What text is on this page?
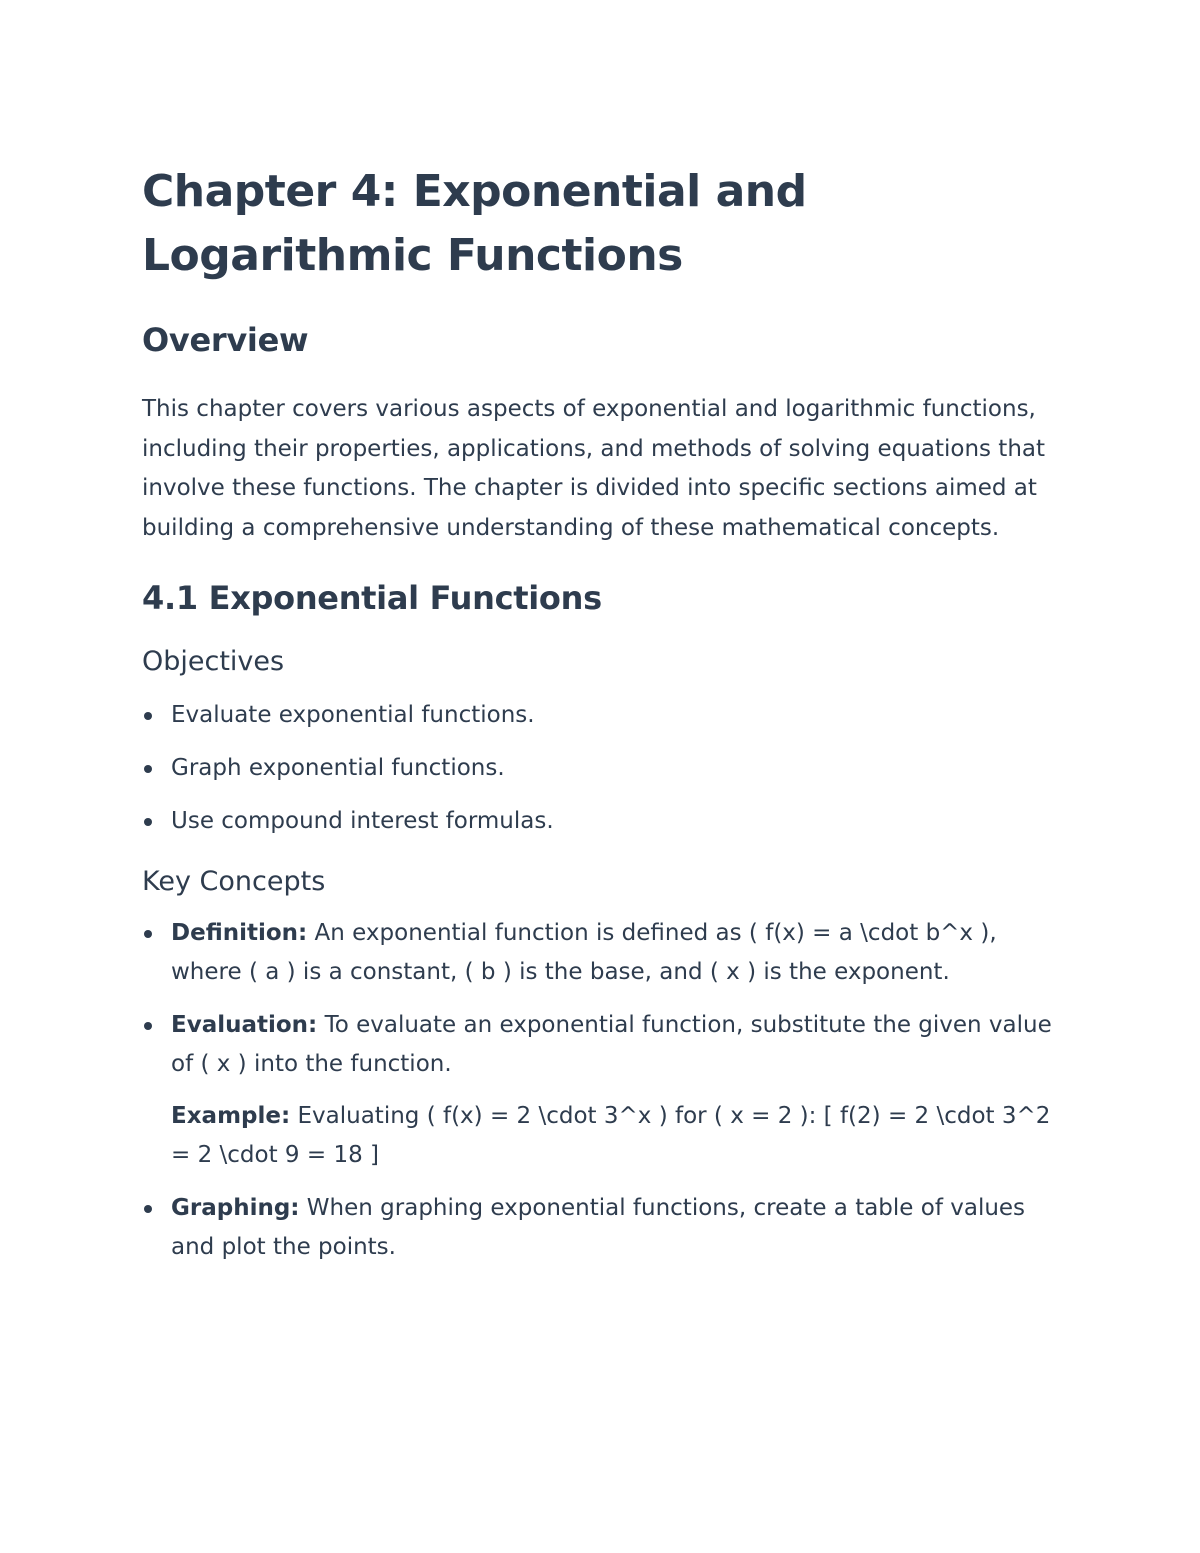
Chapter 4: Exponential and Logarithmic Functions
Overview

This chapter covers various aspects of exponential and logarithmic functions, including their properties, applications, and methods of solving equations that involve these functions. The chapter is divided into specific sections aimed at building a comprehensive understanding of these mathematical concepts.

4.1 Exponential Functions
Objectives
Evaluate exponential functions.
Graph exponential functions.
Use compound interest formulas.
Key Concepts
Definition: An exponential function is defined as ( f(x) = a \cdot b^x ), where ( a ) is a constant, ( b ) is the base, and ( x ) is the exponent.
Evaluation: To evaluate an exponential function, substitute the given value of ( x ) into the function.
Example: Evaluating ( f(x) = 2 \cdot 3^x ) for ( x = 2 ): [ f(2) = 2 \cdot 3^2 = 2 \cdot 9 = 18 ]
Graphing: When graphing exponential functions, create a table of values and plot the points.
